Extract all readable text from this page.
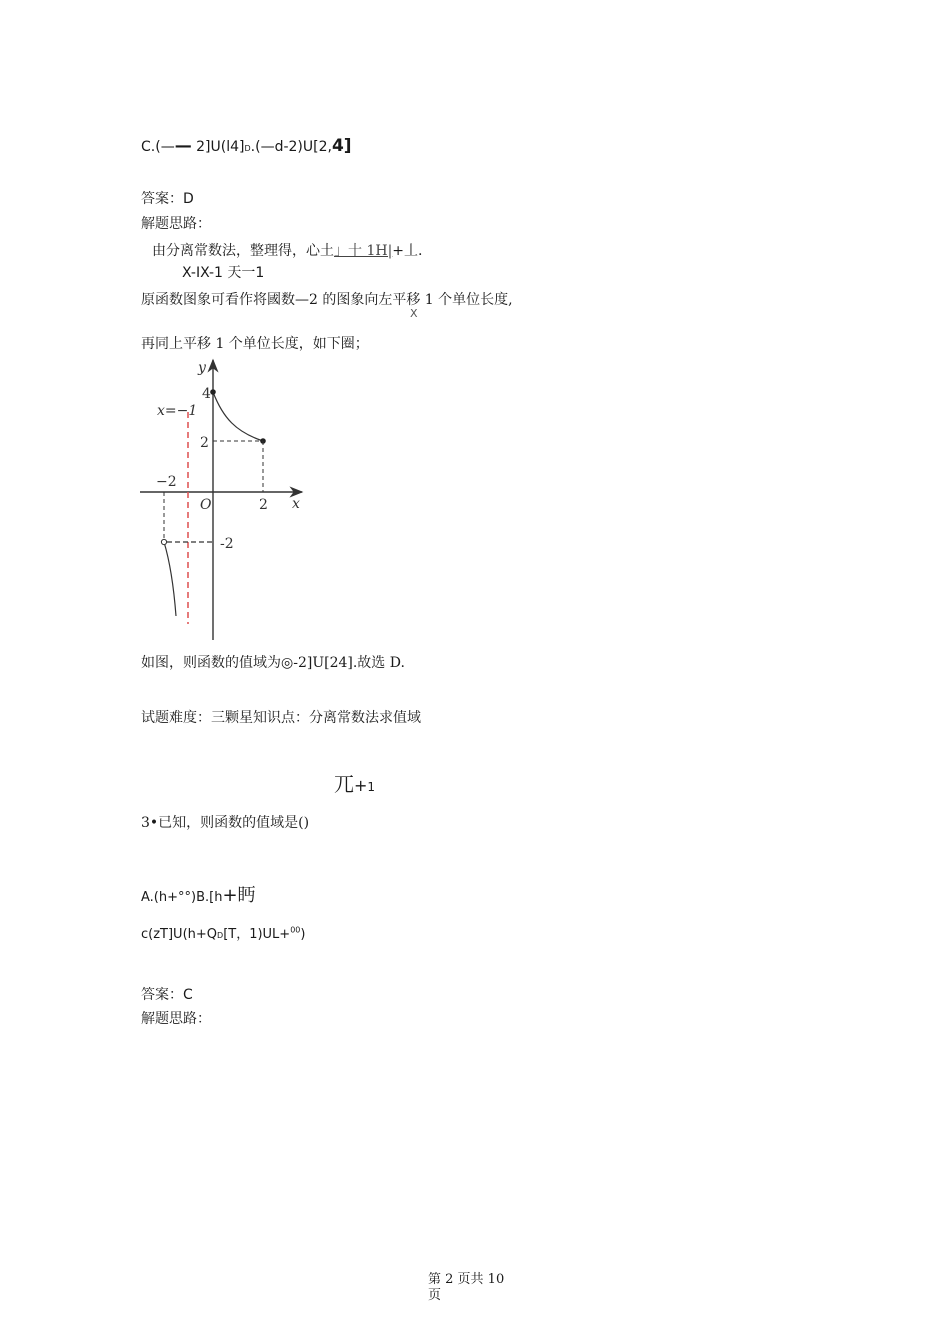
C.(—— 2]U(l4]D.(—d-2)U[2,4]
答案：D
解题思路：
由分离常数法，整理得，心土」十 1H|+丄.
X-IX-1 天一1
原函数图象可看作将國数—2 的图象向左平移 1 个单位长度,
X
再同上平移 1 个单位长度，如下圈；
y
x
O
x=−1
4
2
-2
−2
2
如图，则函数的值域为◎-2]U[24].故选 D.
试题难度：三颗星知识点：分离常数法求值域
兀+1
3•已知，则函数的值域是()
A.(h+°°)B.[h+眄
c(zT]U(h+QD[T，1)UL+$^{00}$)
答案：C
解题思路：
第 2 页共 10
页
